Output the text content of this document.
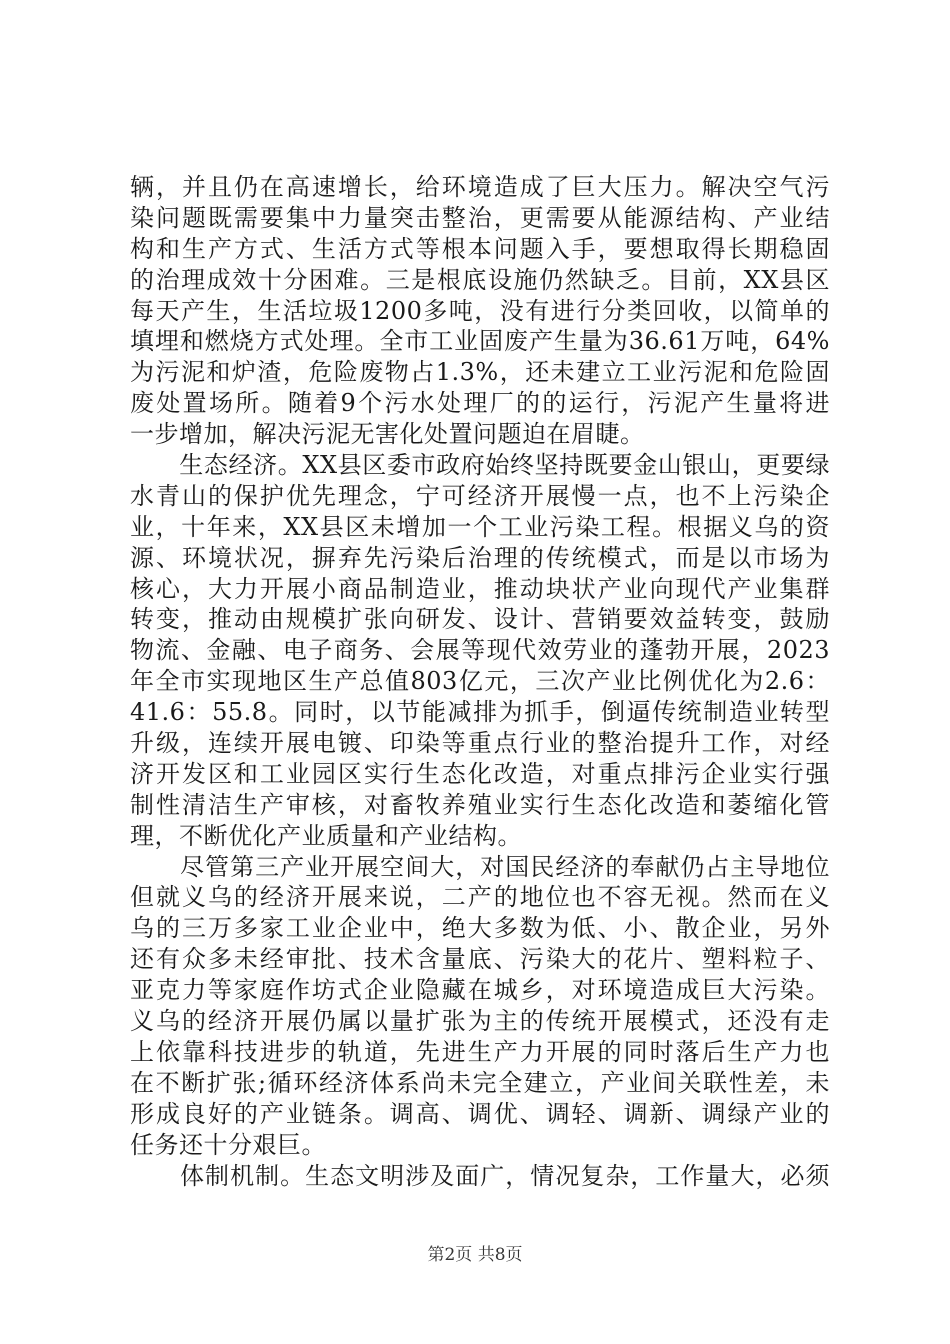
辆，并且仍在高速增长，给环境造成了巨大压力。解决空气污
染问题既需要集中力量突击整治，更需要从能源结构、产业结
构和生产方式、生活方式等根本问题入手，要想取得长期稳固
的治理成效十分困难。三是根底设施仍然缺乏。目前，XX县区
每天产生，生活垃圾1200多吨，没有进行分类回收，以简单的
填埋和燃烧方式处理。全市工业固废产生量为36.61万吨，64%
为污泥和炉渣，危险废物占1.3%，还未建立工业污泥和危险固
废处置场所。随着9个污水处理厂的的运行，污泥产生量将进
一步增加，解决污泥无害化处置问题迫在眉睫。
　　生态经济。XX县区委市政府始终坚持既要金山银山，更要绿
水青山的保护优先理念，宁可经济开展慢一点，也不上污染企
业，十年来，XX县区未增加一个工业污染工程。根据义乌的资
源、环境状况，摒弃先污染后治理的传统模式，而是以市场为
核心，大力开展小商品制造业，推动块状产业向现代产业集群
转变，推动由规模扩张向研发、设计、营销要效益转变，鼓励
物流、金融、电子商务、会展等现代效劳业的蓬勃开展，2023
年全市实现地区生产总值803亿元，三次产业比例优化为2.6：
41.6：55.8。同时，以节能减排为抓手，倒逼传统制造业转型
升级，连续开展电镀、印染等重点行业的整治提升工作，对经
济开发区和工业园区实行生态化改造，对重点排污企业实行强
制性清洁生产审核，对畜牧养殖业实行生态化改造和萎缩化管
理，不断优化产业质量和产业结构。
　　尽管第三产业开展空间大，对国民经济的奉献仍占主导地位
但就义乌的经济开展来说，二产的地位也不容无视。然而在义
乌的三万多家工业企业中，绝大多数为低、小、散企业，另外
还有众多未经审批、技术含量底、污染大的花片、塑料粒子、
亚克力等家庭作坊式企业隐藏在城乡，对环境造成巨大污染。
义乌的经济开展仍属以量扩张为主的传统开展模式，还没有走
上依靠科技进步的轨道，先进生产力开展的同时落后生产力也
在不断扩张;循环经济体系尚未完全建立，产业间关联性差，未
形成良好的产业链条。调高、调优、调轻、调新、调绿产业的
任务还十分艰巨。
　　体制机制。生态文明涉及面广，情况复杂，工作量大，必须
第2页 共8页
